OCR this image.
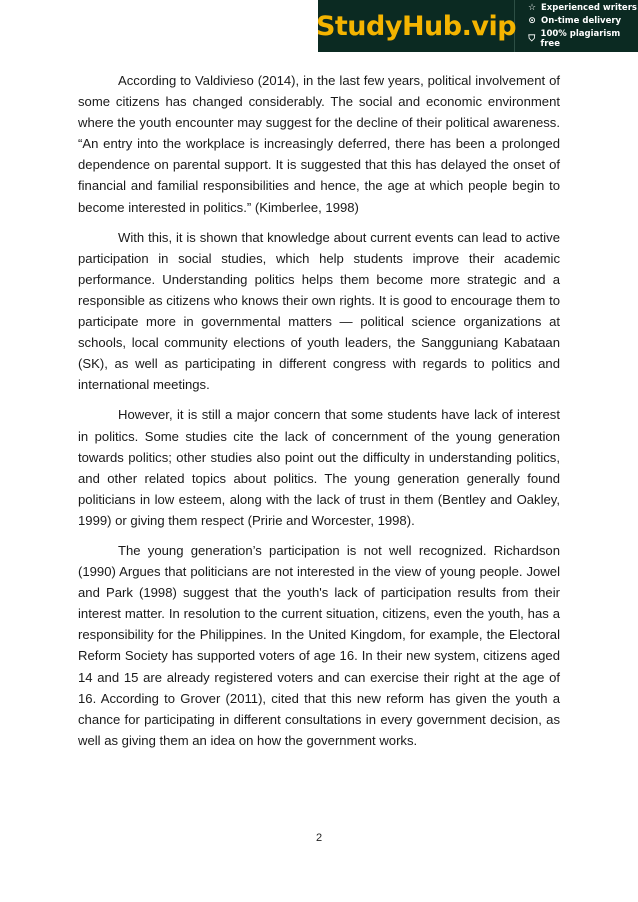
StudyHub.vip
☆ Experienced writers
⊙ On-time delivery
⛉ 100% plagiarism free

According to Valdivieso (2014), in the last few years, political involvement of some citizens has changed considerably. The social and economic environment where the youth encounter may suggest for the decline of their political awareness. “An entry into the workplace is increasingly deferred, there has been a prolonged dependence on parental support. It is suggested that this has delayed the onset of financial and familial responsibilities and hence, the age at which people begin to become interested in politics.” (Kimberlee, 1998)

With this, it is shown that knowledge about current events can lead to active participation in social studies, which help students improve their academic performance. Understanding politics helps them become more strategic and a responsible as citizens who knows their own rights. It is good to encourage them to participate more in governmental matters — political science organizations at schools, local community elections of youth leaders, the Sangguniang Kabataan (SK), as well as participating in different congress with regards to politics and international meetings.

However, it is still a major concern that some students have lack of interest in politics. Some studies cite the lack of concernment of the young generation towards politics; other studies also point out the difficulty in understanding politics, and other related topics about politics. The young generation generally found politicians in low esteem, along with the lack of trust in them (Bentley and Oakley, 1999) or giving them respect (Pririe and Worcester, 1998).

The young generation’s participation is not well recognized. Richardson (1990) Argues that politicians are not interested in the view of young people. Jowel and Park (1998) suggest that the youth's lack of participation results from their interest matter. In resolution to the current situation, citizens, even the youth, has a responsibility for the Philippines. In the United Kingdom, for example, the Electoral Reform Society has supported voters of age 16. In their new system, citizens aged 14 and 15 are already registered voters and can exercise their right at the age of 16. According to Grover (2011), cited that this new reform has given the youth a chance for participating in different consultations in every government decision, as well as giving them an idea on how the government works.

2
